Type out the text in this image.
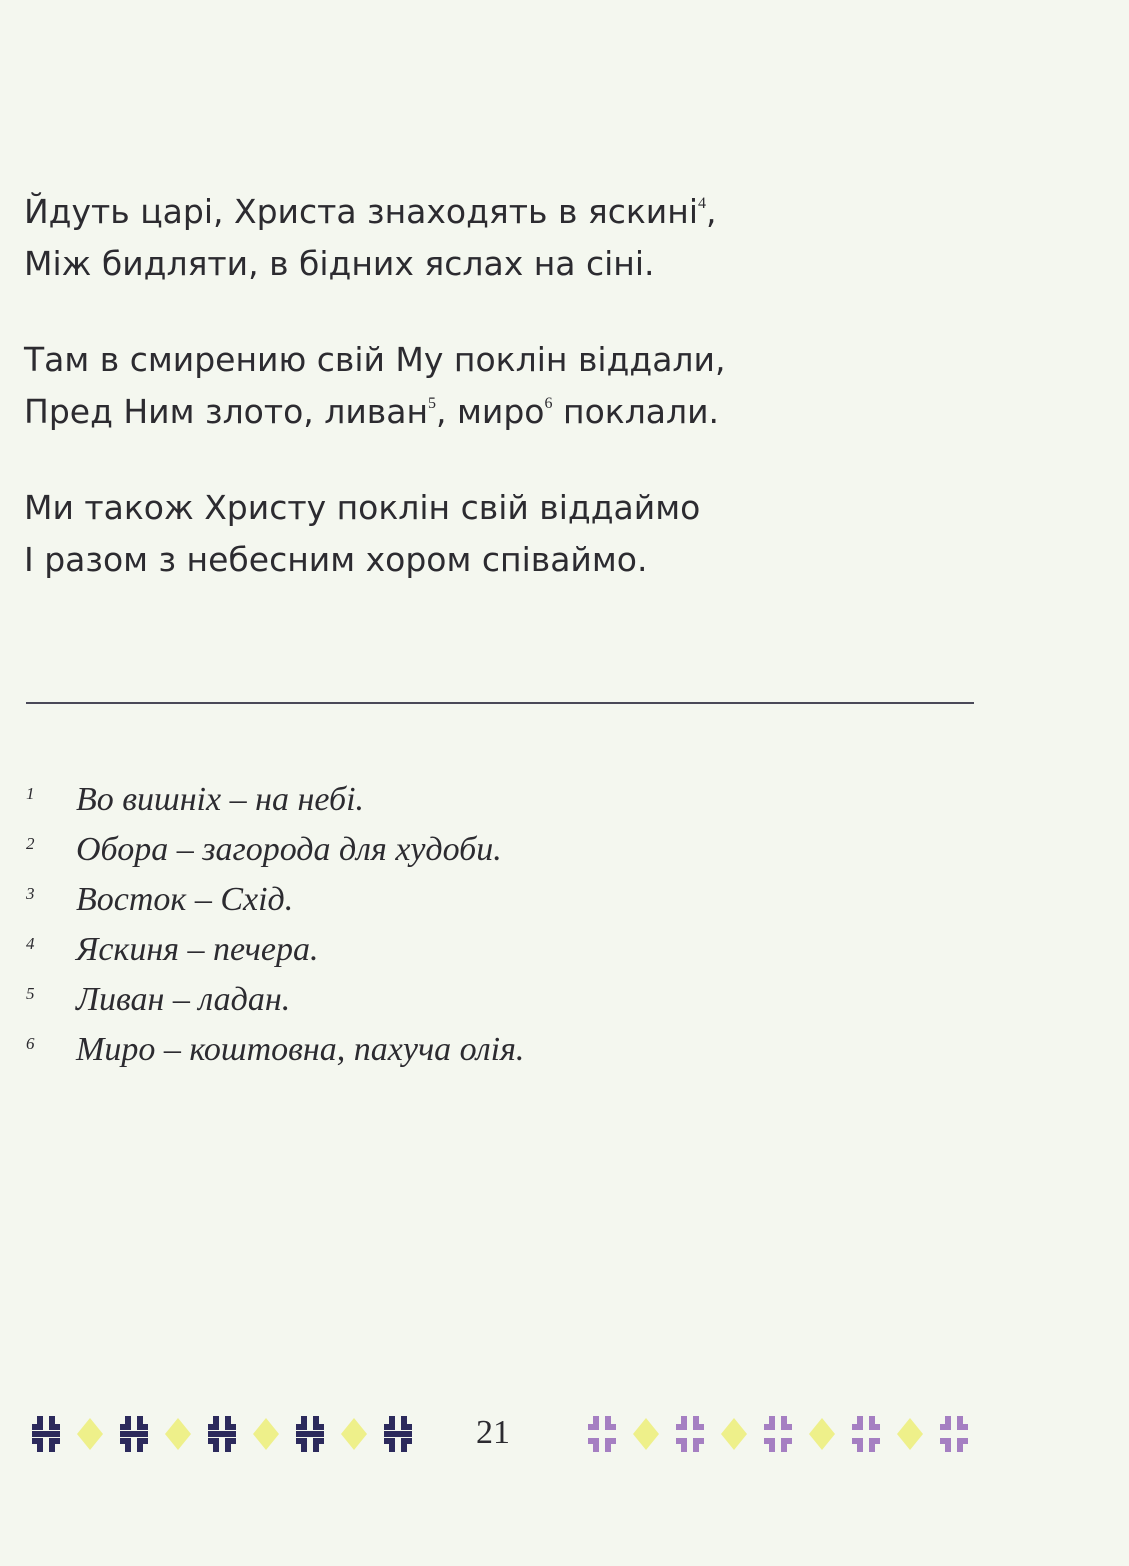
Йдуть царі, Христа знаходять в яскині$^4$,
Між бидляти, в бідних яслах на сіні.
Там в смирению свій Му поклін віддали,
Пред Ним злото, ливан$^5$, миро$^6$ поклали.
Ми також Христу поклін свій віддаймо
І разом з небесним хором співаймо.
1 Во вишніх – на небі.
2 Обора – загорода для худоби.
3 Восток – Схід.
4 Яскиня – печера.
5 Ливан – ладан.
6 Миро – коштовна, пахуча олія.
21
